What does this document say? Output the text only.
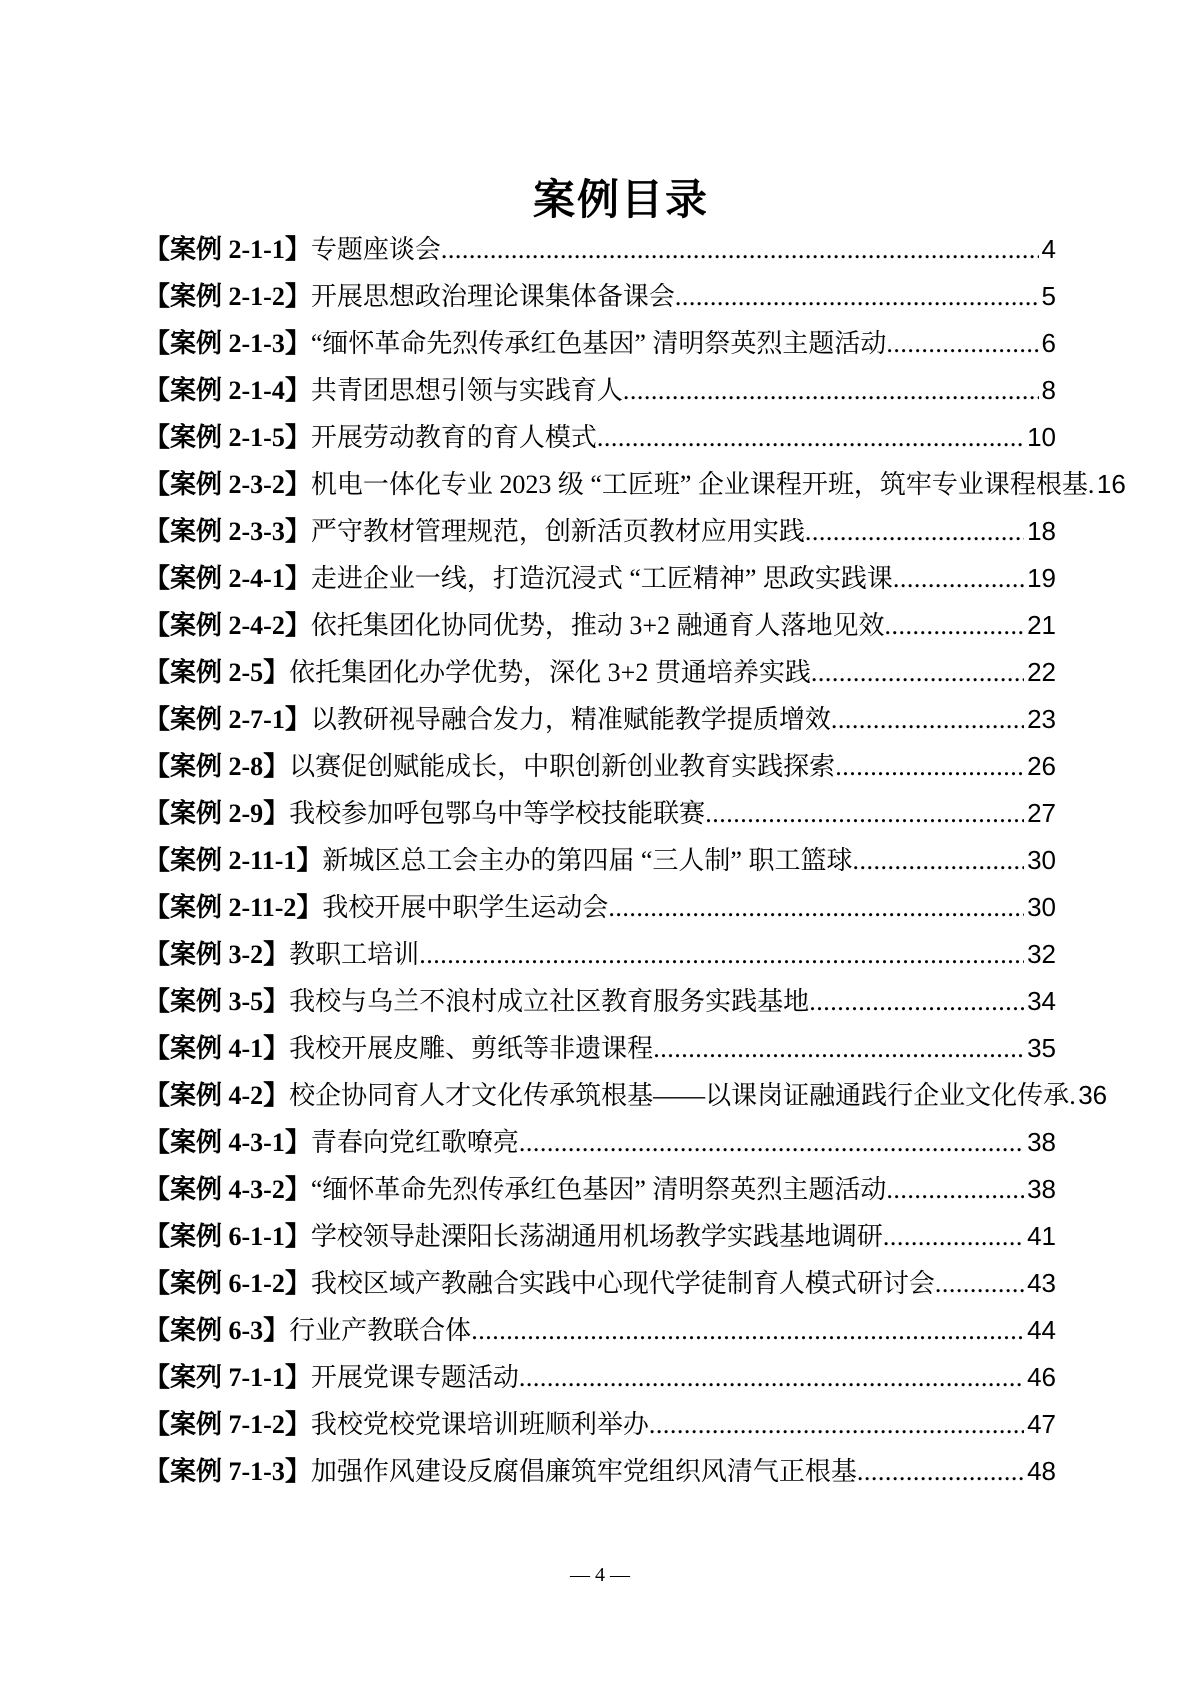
案例目录
【案例 2-1-1】专题座谈会 .....	4
【案例 2-1-2】开展思想政治理论课集体备课会 .....	5
【案例 2-1-3】“缅怀革命先烈传承红色基因” 清明祭英烈主题活动 .....	6
【案例 2-1-4】共青团思想引领与实践育人 .....	8
【案例 2-1-5】开展劳动教育的育人模式 .....	10
【案例 2-3-2】机电一体化专业 2023 级 “工匠班” 企业课程开班，筑牢专业课程根基 ..... 16
【案例 2-3-3】严守教材管理规范，创新活页教材应用实践 .....	18
【案例 2-4-1】走进企业一线，打造沉浸式 “工匠精神” 思政实践课 .....	19
【案例 2-4-2】依托集团化协同优势，推动 3+2 融通育人落地见效 .....	21
【案例 2-5】依托集团化办学优势，深化 3+2 贯通培养实践 .....	22
【案例 2-7-1】以教研视导融合发力，精准赋能教学提质增效 .....	23
【案例 2-8】以赛促创赋能成长，中职创新创业教育实践探索 .....	26
【案例 2-9】我校参加呼包鄂乌中等学校技能联赛 .....	27
【案例 2-11-1】新城区总工会主办的第四届 “三人制” 职工篮球 .....	30
【案例 2-11-2】我校开展中职学生运动会 .....	30
【案例 3-2】教职工培训 .....	32
【案例 3-5】我校与乌兰不浪村成立社区教育服务实践基地 .....	34
【案例 4-1】我校开展皮雕、剪纸等非遗课程 .....	35
【案例 4-2】校企协同育人才文化传承筑根基——以课岗证融通践行企业文化传承 ..... 36
【案例 4-3-1】青春向党红歌嘹亮 .....	38
【案例 4-3-2】“缅怀革命先烈传承红色基因” 清明祭英烈主题活动 .....	38
【案例 6-1-1】学校领导赴溧阳长荡湖通用机场教学实践基地调研 .....	41
【案例 6-1-2】我校区域产教融合实践中心现代学徒制育人模式研讨会 .....	43
【案例 6-3】行业产教联合体 .....	44
【案列 7-1-1】开展党课专题活动 .....	46
【案例 7-1-2】我校党校党课培训班顺利举办 .....	47
【案例 7-1-3】加强作风建设反腐倡廉筑牢党组织风清气正根基 .....	48
— 4 —
